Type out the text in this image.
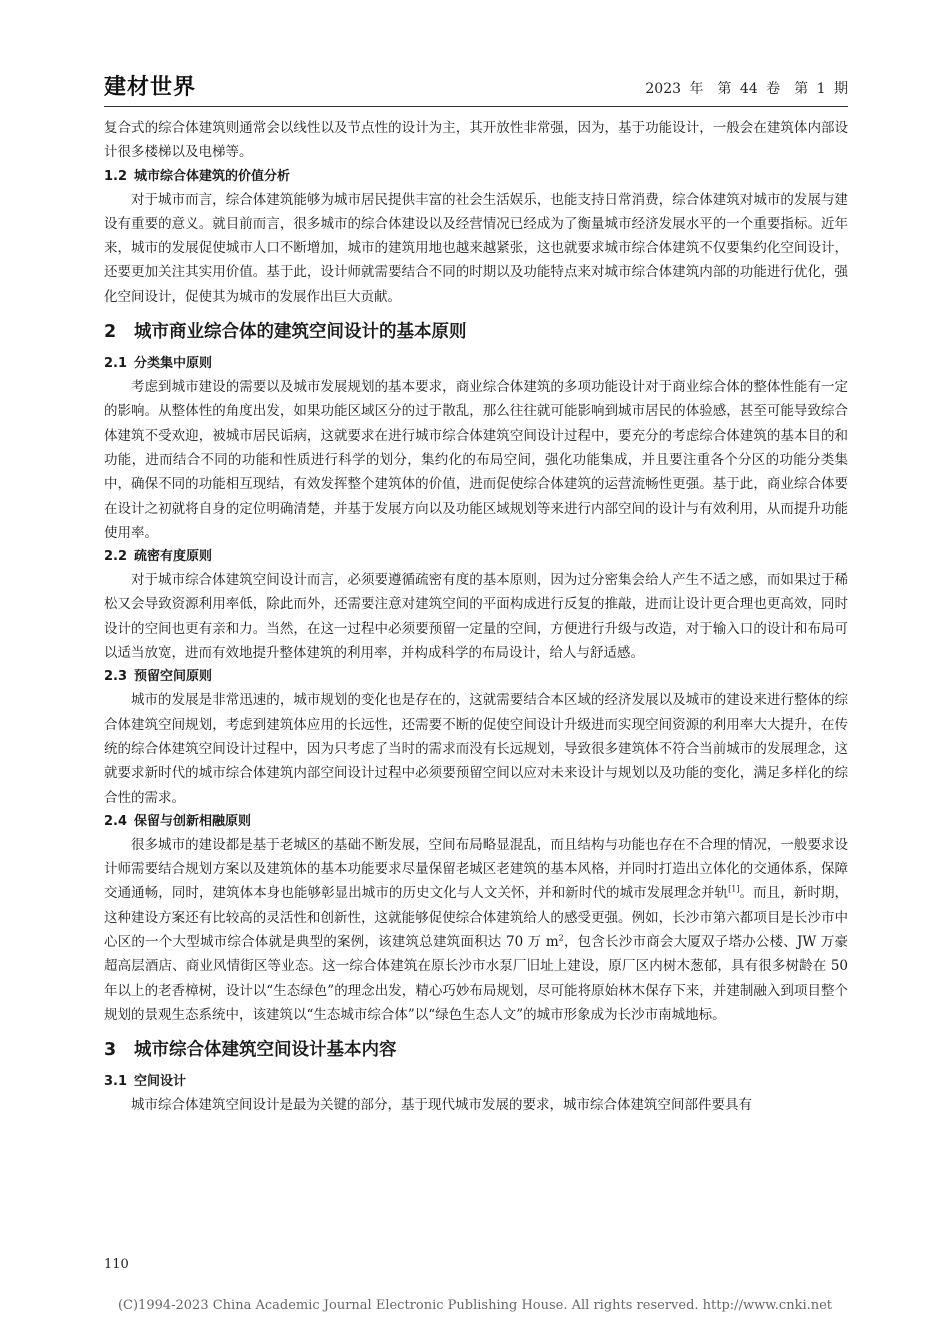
建材世界	2023 年　第 44 卷　第 1 期

复合式的综合体建筑则通常会以线性以及节点性的设计为主，其开放性非常强，因为，基于功能设计，一般会在建筑体内部设计很多楼梯以及电梯等。

1.2 城市综合体建筑的价值分析

对于城市而言，综合体建筑能够为城市居民提供丰富的社会生活娱乐，也能支持日常消费，综合体建筑对城市的发展与建设有重要的意义。就目前而言，很多城市的综合体建设以及经营情况已经成为了衡量城市经济发展水平的一个重要指标。近年来，城市的发展促使城市人口不断增加，城市的建筑用地也越来越紧张，这也就要求城市综合体建筑不仅要集约化空间设计，还要更加关注其实用价值。基于此，设计师就需要结合不同的时期以及功能特点来对城市综合体建筑内部的功能进行优化，强化空间设计，促使其为城市的发展作出巨大贡献。

2 城市商业综合体的建筑空间设计的基本原则
2.1 分类集中原则

考虑到城市建设的需要以及城市发展规划的基本要求，商业综合体建筑的多项功能设计对于商业综合体的整体性能有一定的影响。从整体性的角度出发，如果功能区域区分的过于散乱，那么往往就可能影响到城市居民的体验感，甚至可能导致综合体建筑不受欢迎，被城市居民诟病，这就要求在进行城市综合体建筑空间设计过程中，要充分的考虑综合体建筑的基本目的和功能，进而结合不同的功能和性质进行科学的划分，集约化的布局空间，强化功能集成，并且要注重各个分区的功能分类集中，确保不同的功能相互现结，有效发挥整个建筑体的价值，进而促使综合体建筑的运营流畅性更强。基于此，商业综合体要在设计之初就将自身的定位明确清楚，并基于发展方向以及功能区域规划等来进行内部空间的设计与有效利用，从而提升功能使用率。

2.2 疏密有度原则

对于城市综合体建筑空间设计而言，必须要遵循疏密有度的基本原则，因为过分密集会给人产生不适之感，而如果过于稀松又会导致资源利用率低，除此而外，还需要注意对建筑空间的平面构成进行反复的推敲，进而让设计更合理也更高效，同时设计的空间也更有亲和力。当然，在这一过程中必须要预留一定量的空间，方便进行升级与改造，对于输入口的设计和布局可以适当放宽，进而有效地提升整体建筑的利用率，并构成科学的布局设计，给人与舒适感。

2.3 预留空间原则

城市的发展是非常迅速的，城市规划的变化也是存在的，这就需要结合本区域的经济发展以及城市的建设来进行整体的综合体建筑空间规划，考虑到建筑体应用的长远性，还需要不断的促使空间设计升级进而实现空间资源的利用率大大提升，在传统的综合体建筑空间设计过程中，因为只考虑了当时的需求而没有长远规划，导致很多建筑体不符合当前城市的发展理念，这就要求新时代的城市综合体建筑内部空间设计过程中必须要预留空间以应对未来设计与规划以及功能的变化，满足多样化的综合性的需求。

2.4 保留与创新相融原则

很多城市的建设都是基于老城区的基础不断发展，空间布局略显混乱，而且结构与功能也存在不合理的情况，一般要求设计师需要结合规划方案以及建筑体的基本功能要求尽量保留老城区老建筑的基本风格，并同时打造出立体化的交通体系，保障交通通畅，同时，建筑体本身也能够彰显出城市的历史文化与人文关怀，并和新时代的城市发展理念并轨[1]。而且，新时期，这种建设方案还有比较高的灵活性和创新性，这就能够促使综合体建筑给人的感受更强。例如，长沙市第六都项目是长沙市中心区的一个大型城市综合体就是典型的案例，该建筑总建筑面积达 70 万 $m^2$，包含长沙市商会大厦双子塔办公楼、JW 万豪超高层酒店、商业风情街区等业态。这一综合体建筑在原长沙市水泵厂旧址上建设，原厂区内树木葱郁，具有很多树龄在 50 年以上的老香樟树，设计以“生态绿色”的理念出发，精心巧妙布局规划，尽可能将原始林木保存下来，并建制融入到项目整个规划的景观生态系统中，该建筑以“生态城市综合体”以“绿色生态人文”的城市形象成为长沙市南城地标。

3 城市综合体建筑空间设计基本内容
3.1 空间设计

城市综合体建筑空间设计是最为关键的部分，基于现代城市发展的要求，城市综合体建筑空间部件要具有

110
(C)1994-2023 China Academic Journal Electronic Publishing House. All rights reserved. http://www.cnki.net
